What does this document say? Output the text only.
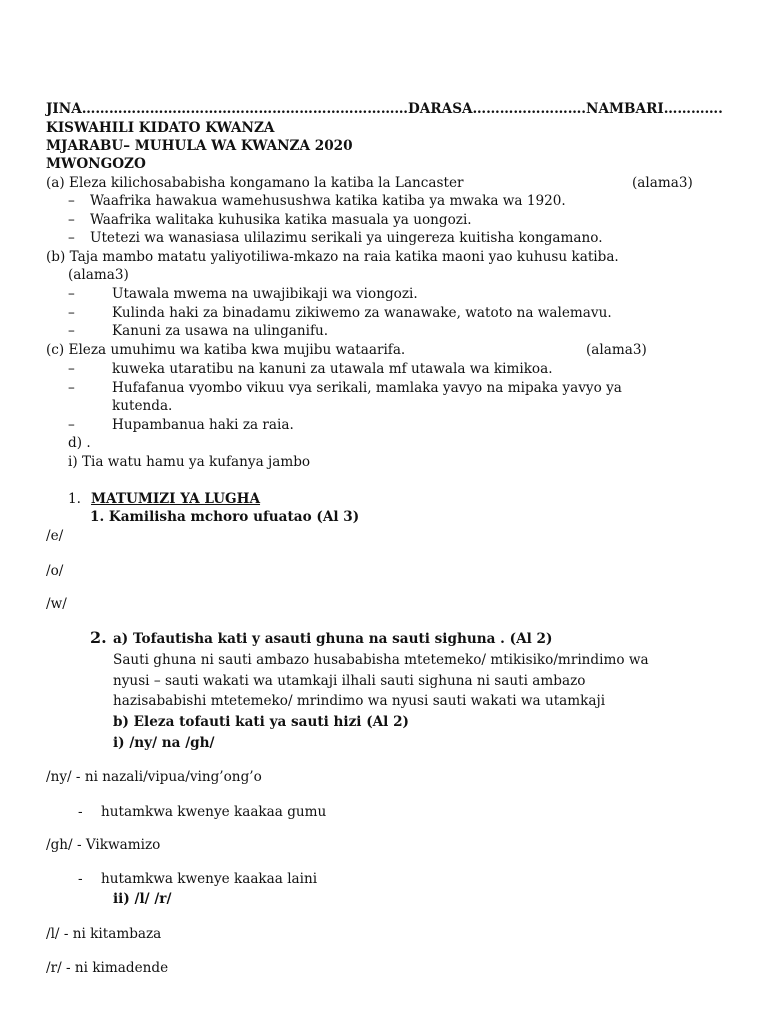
JINA………………………………………………………………DARASA…………………….NAMBARI………….
KISWAHILI KIDATO KWANZA
MJARABU– MUHULA WA KWANZA 2020
MWONGOZO
(a) Eleza kilichosababisha kongamano la katiba la Lancaster	(alama3)
– Waafrika hawakua wamehusushwa katika katiba ya mwaka wa 1920.
– Waafrika walitaka kuhusika katika masuala ya uongozi.
– Utetezi wa wanasiasa ulilazimu serikali ya uingereza kuitisha kongamano.
(b) Taja mambo matatu yaliyotiliwa-mkazo na raia katika maoni yao kuhusu katiba.
(alama3)
–	Utawala mwema na uwajibikaji wa viongozi.
–	Kulinda haki za binadamu zikiwemo za wanawake, watoto na walemavu.
–	Kanuni za usawa na ulinganifu.
(c) Eleza umuhimu wa katiba kwa mujibu wataarifa.	(alama3)
–	kuweka utaratibu na kanuni za utawala mf utawala wa kimikoa.
–	Hufafanua vyombo vikuu vya serikali, mamlaka yavyo na mipaka yavyo ya
kutenda.
–	Hupambanua haki za raia.
d) .
i) Tia watu hamu ya kufanya jambo
1. MATUMIZI YA LUGHA
1. Kamilisha mchoro ufuatao (Al 3)
/e/
/o/
/w/
2. a) Tofautisha kati y asauti ghuna na sauti sighuna . (Al 2)
Sauti ghuna ni sauti ambazo husababisha mtetemeko/ mtikisiko/mrindimo wa
nyusi – sauti wakati wa utamkaji ilhali sauti sighuna ni sauti ambazo
hazisababishi mtetemeko/ mrindimo wa nyusi sauti wakati wa utamkaji
b) Eleza tofauti kati ya sauti hizi (Al 2)
i) /ny/ na /gh/
/ny/ - ni nazali/vipua/ving’ong’o
- hutamkwa kwenye kaakaa gumu
/gh/ - Vikwamizo
- hutamkwa kwenye kaakaa laini
ii) /l/ /r/
/l/ - ni kitambaza
/r/ - ni kimadende
